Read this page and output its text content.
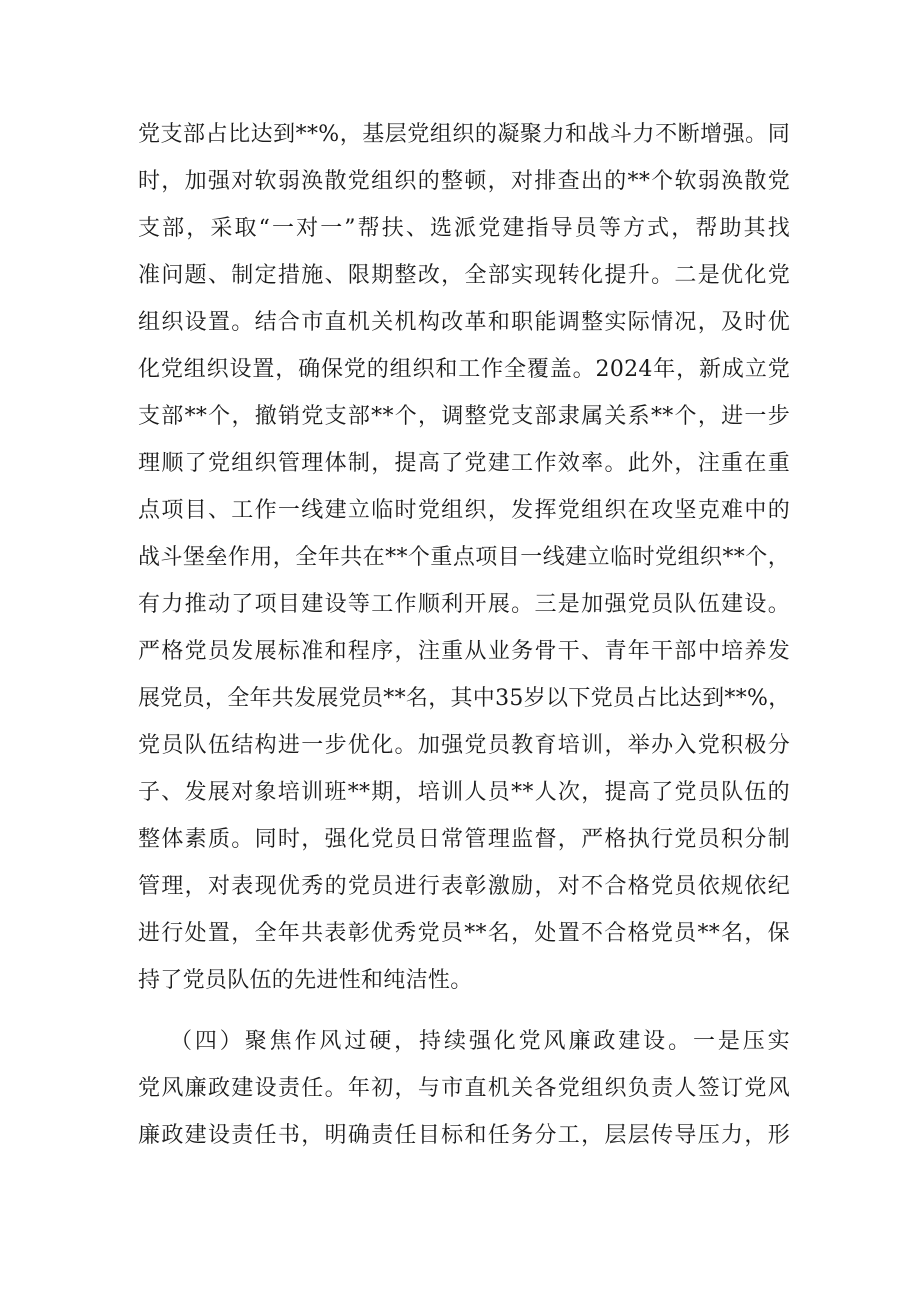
党支部占比达到**%，基层党组织的凝聚力和战斗力不断增强。同
时，加强对软弱涣散党组织的整顿，对排查出的**个软弱涣散党
支部，采取“一对一”帮扶、选派党建指导员等方式，帮助其找
准问题、制定措施、限期整改，全部实现转化提升。二是优化党
组织设置。结合市直机关机构改革和职能调整实际情况，及时优
化党组织设置，确保党的组织和工作全覆盖。2024年，新成立党
支部**个，撤销党支部**个，调整党支部隶属关系**个，进一步
理顺了党组织管理体制，提高了党建工作效率。此外，注重在重
点项目、工作一线建立临时党组织，发挥党组织在攻坚克难中的
战斗堡垒作用，全年共在**个重点项目一线建立临时党组织**个，
有力推动了项目建设等工作顺利开展。三是加强党员队伍建设。
严格党员发展标准和程序，注重从业务骨干、青年干部中培养发
展党员，全年共发展党员**名，其中35岁以下党员占比达到**%，
党员队伍结构进一步优化。加强党员教育培训，举办入党积极分
子、发展对象培训班**期，培训人员**人次，提高了党员队伍的
整体素质。同时，强化党员日常管理监督，严格执行党员积分制
管理，对表现优秀的党员进行表彰激励，对不合格党员依规依纪
进行处置，全年共表彰优秀党员**名，处置不合格党员**名，保
持了党员队伍的先进性和纯洁性。
（四）聚焦作风过硬，持续强化党风廉政建设。一是压实
党风廉政建设责任。年初，与市直机关各党组织负责人签订党风
廉政建设责任书，明确责任目标和任务分工，层层传导压力，形
